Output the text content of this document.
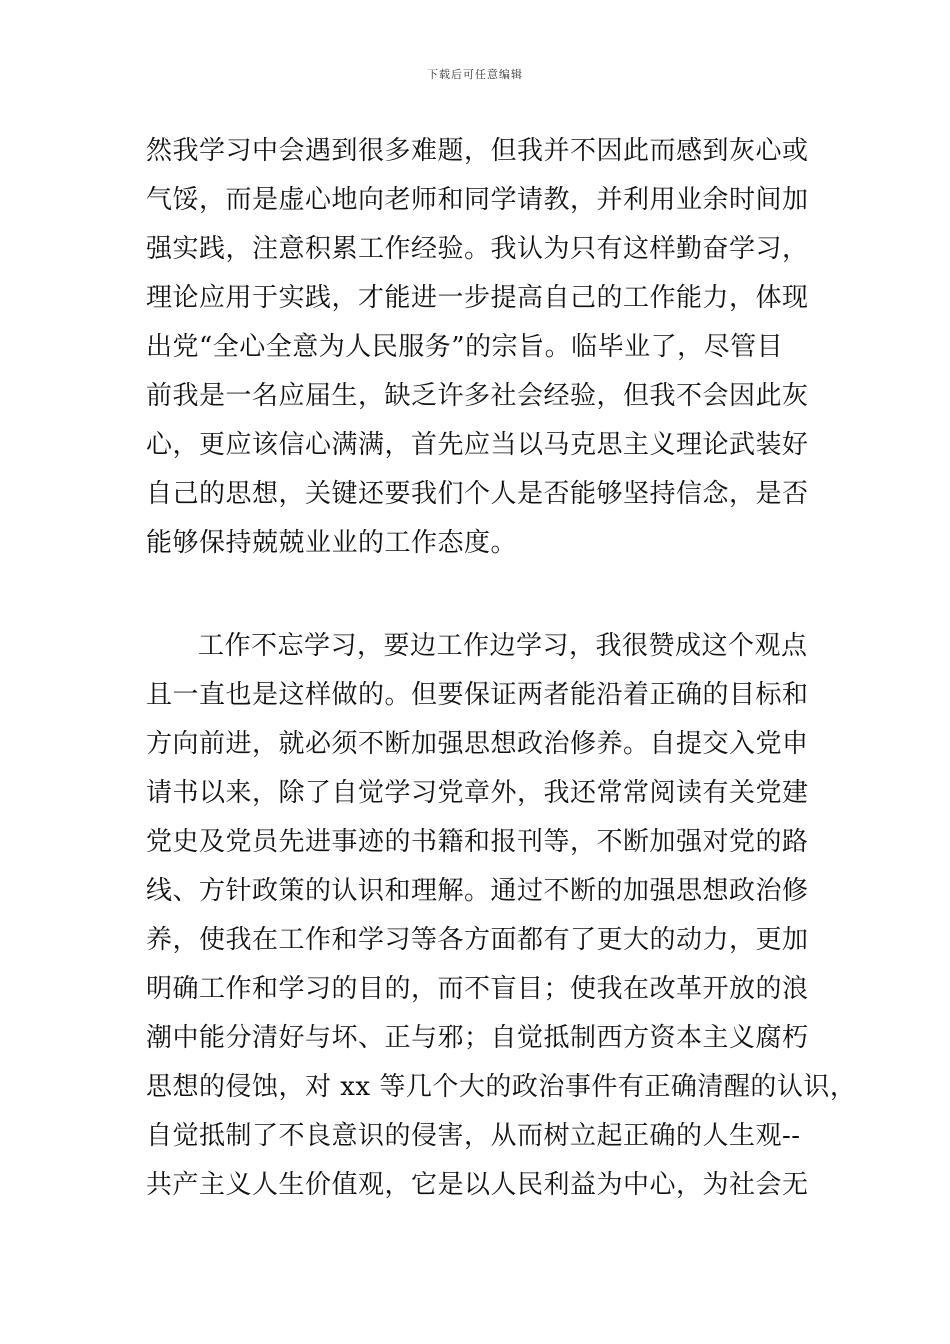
下载后可任意编辑
然我学习中会遇到很多难题，但我并不因此而感到灰心或
气馁，而是虚心地向老师和同学请教，并利用业余时间加
强实践，注意积累工作经验。我认为只有这样勤奋学习，
理论应用于实践，才能进一步提高自己的工作能力，体现
出党“全心全意为人民服务”的宗旨。临毕业了，尽管目
前我是一名应届生，缺乏许多社会经验，但我不会因此灰
心，更应该信心满满，首先应当以马克思主义理论武装好
自己的思想，关键还要我们个人是否能够坚持信念，是否
能够保持兢兢业业的工作态度。
工作不忘学习，要边工作边学习，我很赞成这个观点
且一直也是这样做的。但要保证两者能沿着正确的目标和
方向前进，就必须不断加强思想政治修养。自提交入党申
请书以来，除了自觉学习党章外，我还常常阅读有关党建
党史及党员先进事迹的书籍和报刊等，不断加强对党的路
线、方针政策的认识和理解。通过不断的加强思想政治修
养，使我在工作和学习等各方面都有了更大的动力，更加
明确工作和学习的目的，而不盲目；使我在改革开放的浪
潮中能分清好与坏、正与邪；自觉抵制西方资本主义腐朽
思想的侵蚀，对 xx 等几个大的政治事件有正确清醒的认识，
自觉抵制了不良意识的侵害，从而树立起正确的人生观--
共产主义人生价值观，它是以人民利益为中心，为社会无
